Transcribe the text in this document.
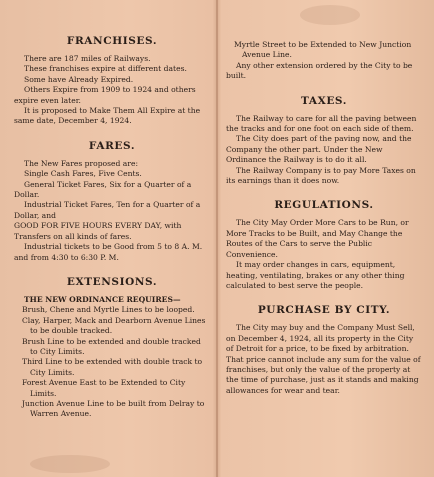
FRANCHISES.

There are 187 miles of Railways.

These franchises expire at different dates.

Some have Already Expired.

Others Expire from 1909 to 1924 and others expire even later.

It is proposed to Make Them All Expire at the same date, December 4, 1924.

FARES.

The New Fares proposed are:

Single Cash Fares, Five Cents.

General Ticket Fares, Six for a Quarter of a Dollar.

Industrial Ticket Fares, Ten for a Quarter of a Dollar, and

GOOD FOR FIVE HOURS EVERY DAY, with Transfers on all kinds of fares.

Industrial tickets to be Good from 5 to 8 A. M. and from 4:30 to 6:30 P. M.

EXTENSIONS.

THE NEW ORDINANCE REQUIRES—

Brush, Chene and Myrtle Lines to be looped.

Clay, Harper, Mack and Dearborn Avenue Lines to be double tracked.

Brush Line to be extended and double tracked to City Limits.

Third Line to be extended with double track to City Limits.

Forest Avenue East to be Extended to City Limits.

Junction Avenue Line to be built from Delray to Warren Avenue.

Myrtle Street to be Extended to New Junction Avenue Line.

Any other extension ordered by the City to be built.

TAXES.

The Railway to care for all the paving between the tracks and for one foot on each side of them.

The City does part of the paving now, and the Company the other part. Under the New Ordinance the Railway is to do it all.

The Railway Company is to pay More Taxes on its earnings than it does now.

REGULATIONS.

The City May Order More Cars to be Run, or More Tracks to be Built, and May Change the Routes of the Cars to serve the Public Convenience.

It may order changes in cars, equipment, heating, ventilating, brakes or any other thing calculated to best serve the people.

PURCHASE BY CITY.

The City may buy and the Company Must Sell, on December 4, 1924, all its property in the City of Detroit for a price, to be fixed by arbitration. That price cannot include any sum for the value of franchises, but only the value of the property at the time of purchase, just as it stands and making allowances for wear and tear.
